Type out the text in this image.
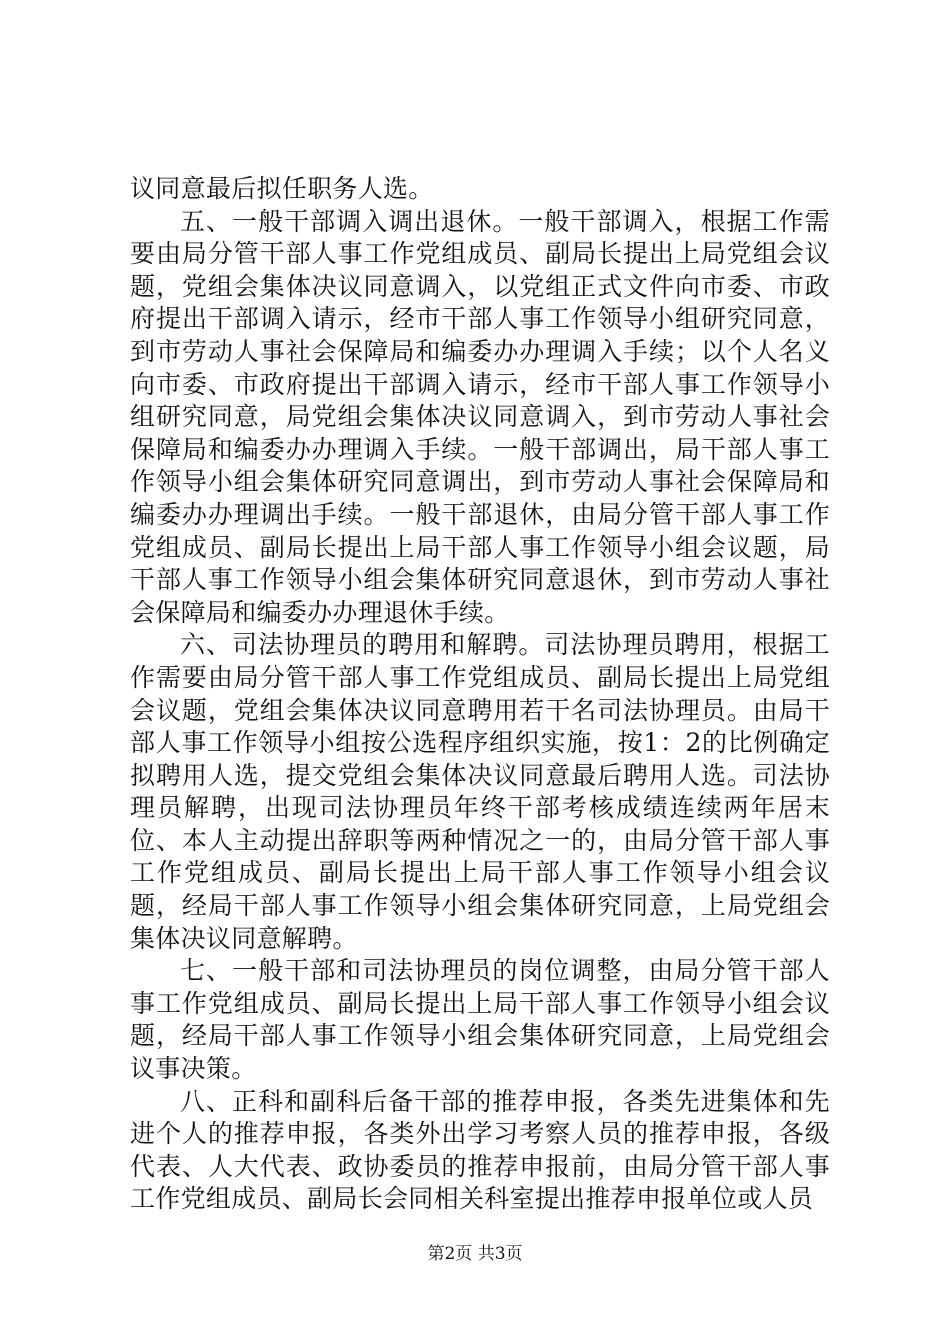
议同意最后拟任职务人选。

五、一般干部调入调出退休。一般干部调入，根据工作需要由局分管干部人事工作党组成员、副局长提出上局党组会议题，党组会集体决议同意调入，以党组正式文件向市委、市政府提出干部调入请示，经市干部人事工作领导小组研究同意，到市劳动人事社会保障局和编委办办理调入手续；以个人名义向市委、市政府提出干部调入请示，经市干部人事工作领导小组研究同意，局党组会集体决议同意调入，到市劳动人事社会保障局和编委办办理调入手续。一般干部调出，局干部人事工作领导小组会集体研究同意调出，到市劳动人事社会保障局和编委办办理调出手续。一般干部退休，由局分管干部人事工作党组成员、副局长提出上局干部人事工作领导小组会议题，局干部人事工作领导小组会集体研究同意退休，到市劳动人事社会保障局和编委办办理退休手续。

六、司法协理员的聘用和解聘。司法协理员聘用，根据工作需要由局分管干部人事工作党组成员、副局长提出上局党组会议题，党组会集体决议同意聘用若干名司法协理员。由局干部人事工作领导小组按公选程序组织实施，按1：2的比例确定拟聘用人选，提交党组会集体决议同意最后聘用人选。司法协理员解聘，出现司法协理员年终干部考核成绩连续两年居末位、本人主动提出辞职等两种情况之一的，由局分管干部人事工作党组成员、副局长提出上局干部人事工作领导小组会议题，经局干部人事工作领导小组会集体研究同意，上局党组会集体决议同意解聘。

七、一般干部和司法协理员的岗位调整，由局分管干部人事工作党组成员、副局长提出上局干部人事工作领导小组会议题，经局干部人事工作领导小组会集体研究同意，上局党组会议事决策。

八、正科和副科后备干部的推荐申报，各类先进集体和先进个人的推荐申报，各类外出学习考察人员的推荐申报，各级代表、人大代表、政协委员的推荐申报前，由局分管干部人事工作党组成员、副局长会同相关科室提出推荐申报单位或人员

第2页 共3页
